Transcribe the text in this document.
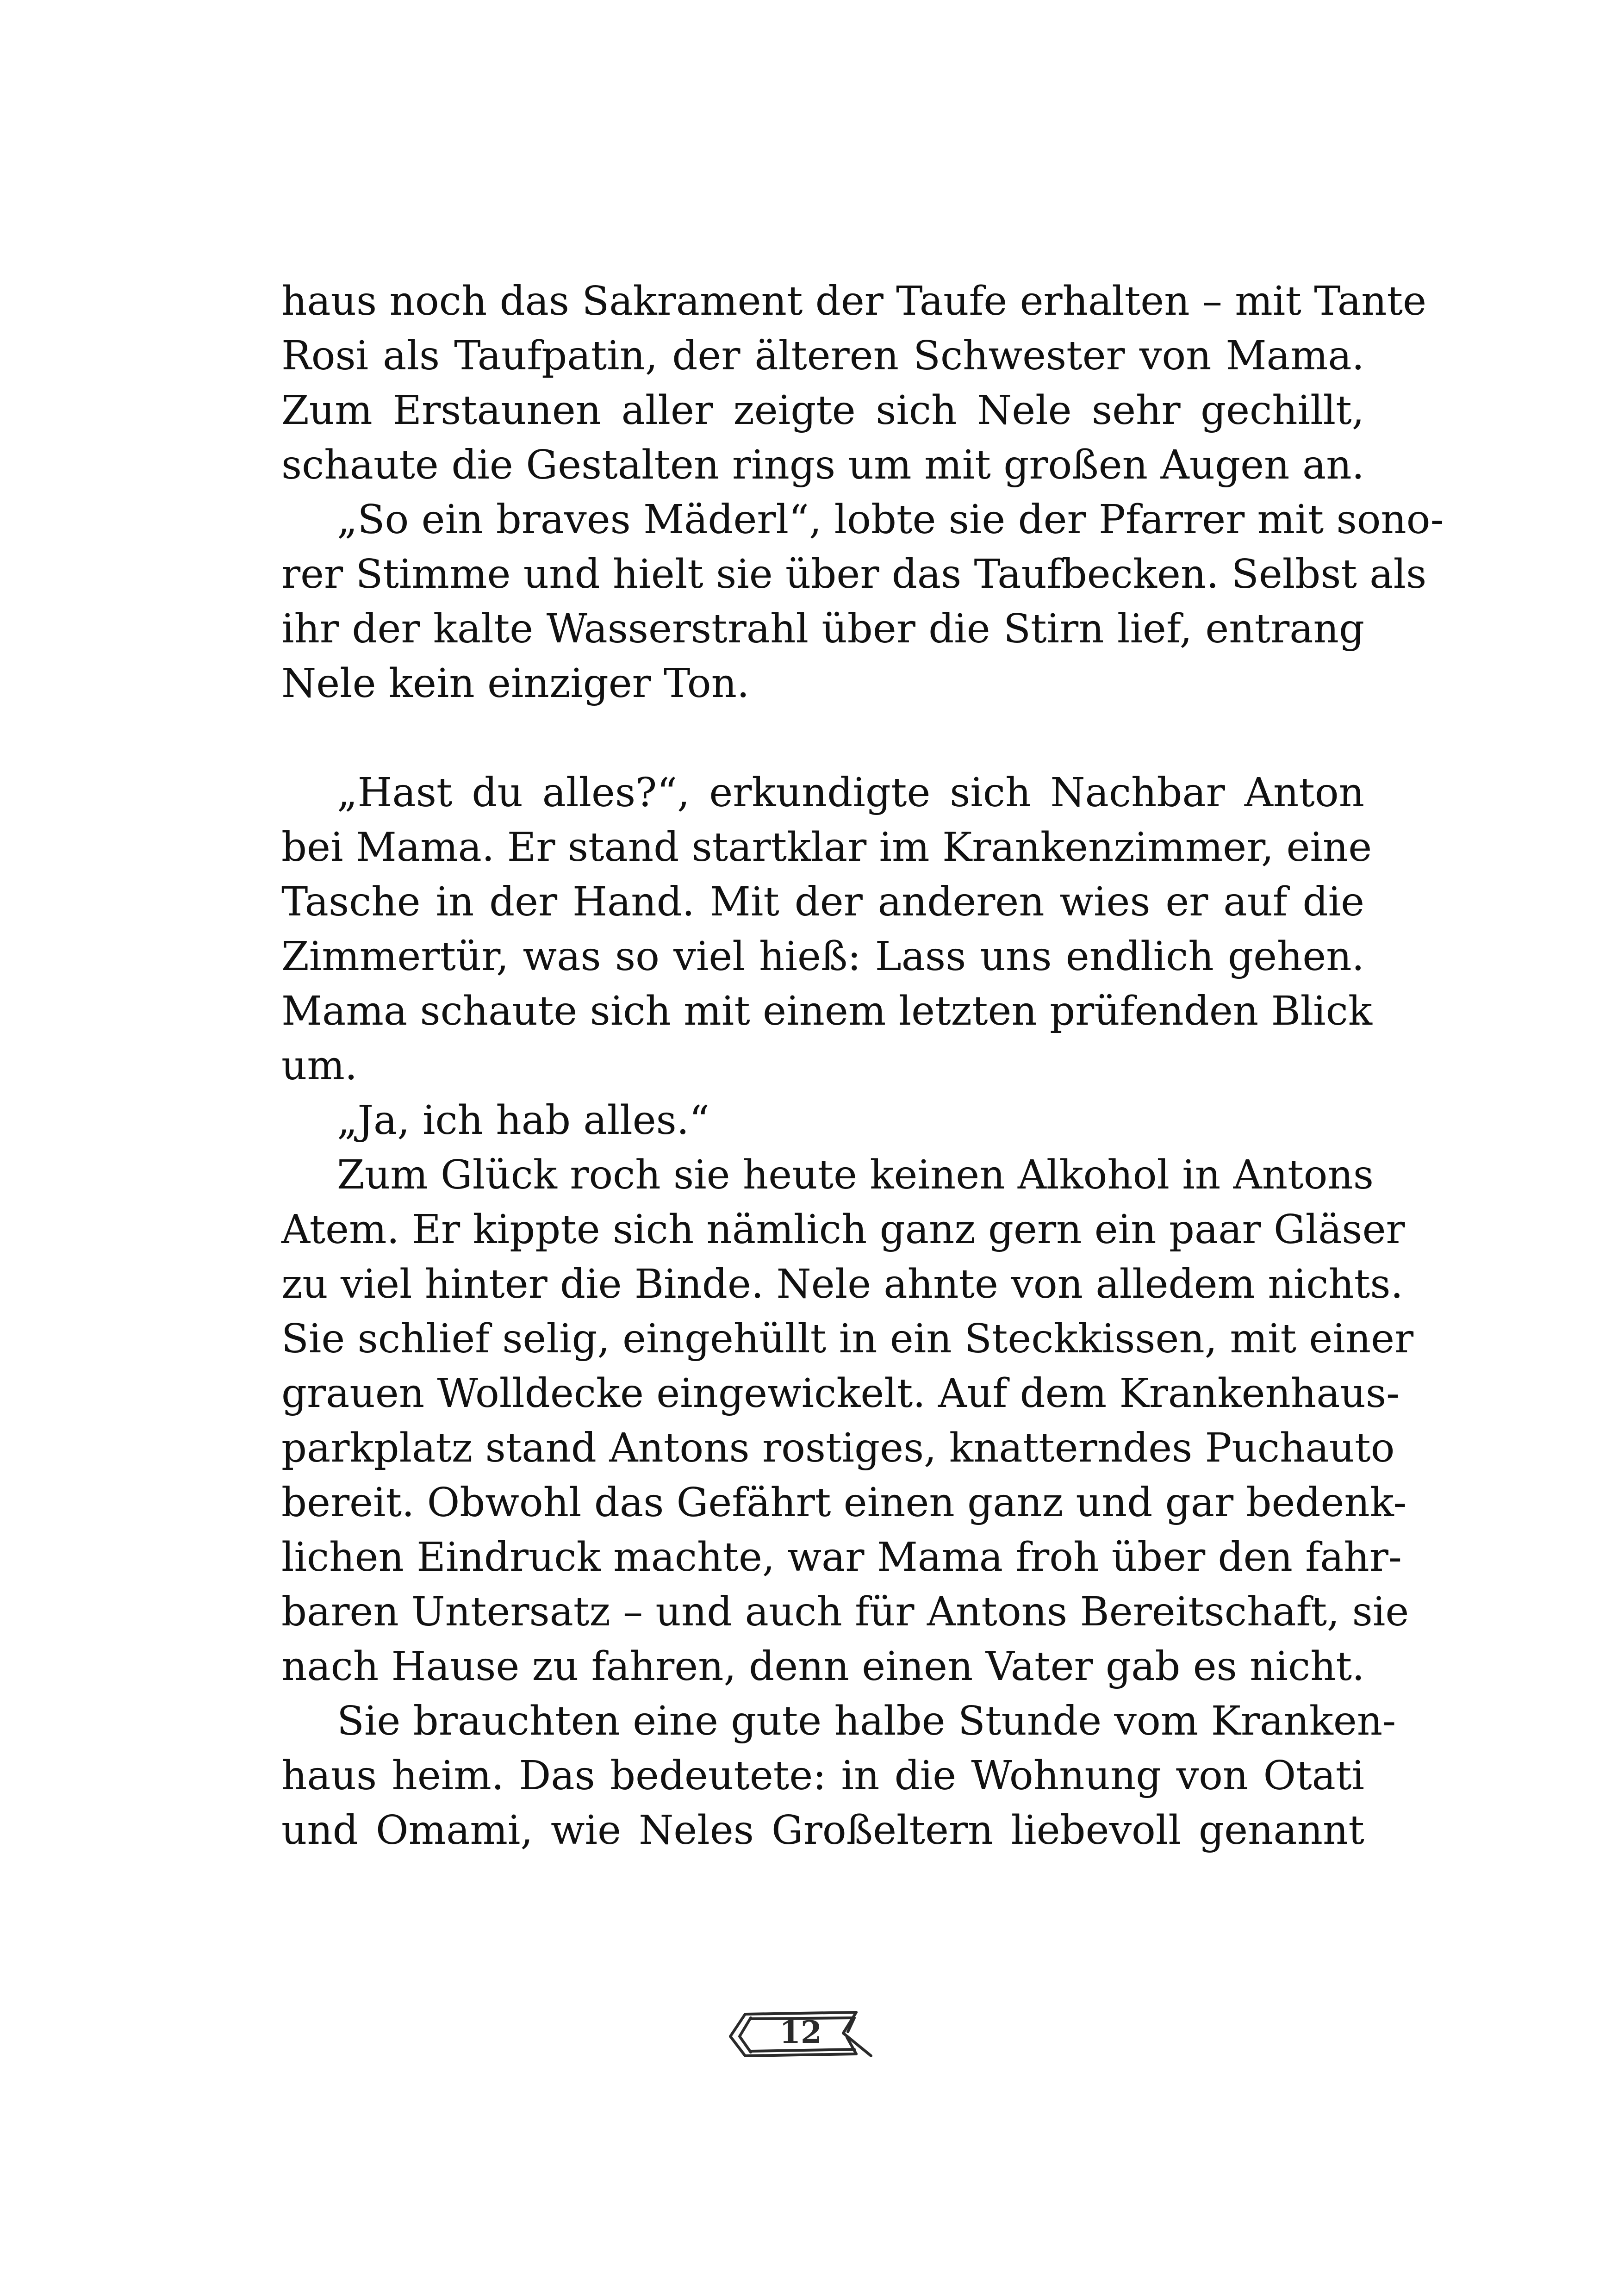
haus noch das Sakrament der Taufe erhalten – mit Tante
Rosi als Taufpatin, der älteren Schwester von Mama.
Zum Erstaunen aller zeigte sich Nele sehr gechillt,
schaute die Gestalten rings um mit großen Augen an.
„So ein braves Mäderl“, lobte sie der Pfarrer mit sono-
rer Stimme und hielt sie über das Taufbecken. Selbst als
ihr der kalte Wasserstrahl über die Stirn lief, entrang
Nele kein einziger Ton.
„Hast du alles?“, erkundigte sich Nachbar Anton
bei Mama. Er stand startklar im Krankenzimmer, eine
Tasche in der Hand. Mit der anderen wies er auf die
Zimmertür, was so viel hieß: Lass uns endlich gehen.
Mama schaute sich mit einem letzten prüfenden Blick
um.
„Ja, ich hab alles.“
Zum Glück roch sie heute keinen Alkohol in Antons
Atem. Er kippte sich nämlich ganz gern ein paar Gläser
zu viel hinter die Binde. Nele ahnte von alledem nichts.
Sie schlief selig, eingehüllt in ein Steckkissen, mit einer
grauen Wolldecke eingewickelt. Auf dem Krankenhaus-
parkplatz stand Antons rostiges, knatterndes Puchauto
bereit. Obwohl das Gefährt einen ganz und gar bedenk-
lichen Eindruck machte, war Mama froh über den fahr-
baren Untersatz – und auch für Antons Bereitschaft, sie
nach Hause zu fahren, denn einen Vater gab es nicht.
Sie brauchten eine gute halbe Stunde vom Kranken-
haus heim. Das bedeutete: in die Wohnung von Otati
und Omami, wie Neles Großeltern liebevoll genannt
12
